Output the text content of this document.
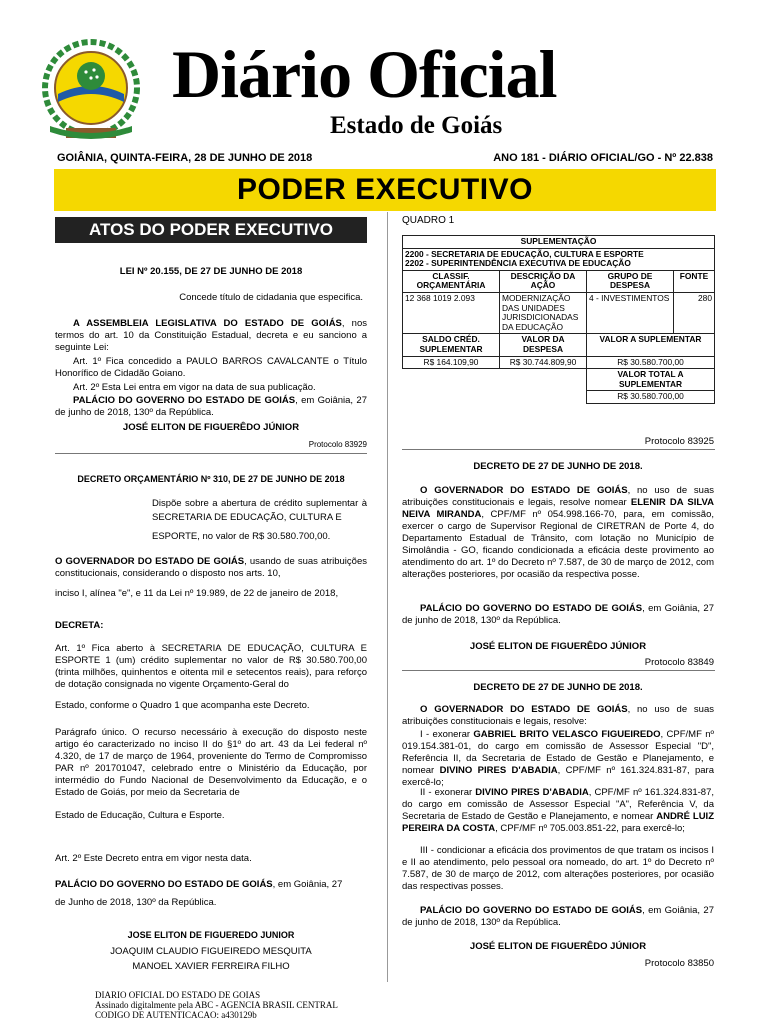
Diário Oficial
Estado de Goiás
GOIÂNIA, QUINTA-FEIRA, 28 DE JUNHO DE 2018	ANO 181 - DIÁRIO OFICIAL/GO - Nº 22.838
PODER EXECUTIVO
ATOS DO PODER EXECUTIVO
LEI Nº 20.155, DE 27 DE JUNHO DE 2018
Concede título de cidadania que especifica.
A ASSEMBLEIA LEGISLATIVA DO ESTADO DE GOIÁS, nos termos do art. 10 da Constituição Estadual, decreta e eu sanciono a seguinte Lei:
Art. 1º Fica concedido a PAULO BARROS CAVALCANTE o Título Honorífico de Cidadão Goiano.
Art. 2º Esta Lei entra em vigor na data de sua publicação.
PALÁCIO DO GOVERNO DO ESTADO DE GOIÁS, em Goiânia, 27 de junho de 2018, 130º da República.
JOSÉ ELITON DE FIGUERÊDO JÚNIOR
Protocolo 83929
DECRETO ORÇAMENTÁRIO Nº 310, DE 27 DE JUNHO DE 2018
Dispõe sobre a abertura de crédito suplementar à SECRETARIA DE EDUCAÇÃO, CULTURA E
ESPORTE, no valor de R$ 30.580.700,00.
O GOVERNADOR DO ESTADO DE GOIÁS, usando de suas atribuições constitucionais, considerando o disposto nos arts. 10,
inciso I, alínea "e", e 11 da Lei nº 19.989, de 22 de janeiro de 2018,
DECRETA:
Art. 1º Fica aberto à SECRETARIA DE EDUCAÇÃO, CULTURA E ESPORTE 1 (um) crédito suplementar no valor de R$ 30.580.700,00 (trinta milhões, quinhentos e oitenta mil e setecentos reais), para reforço de dotação consignada no vigente Orçamento-Geral do
Estado, conforme o Quadro 1 que acompanha este Decreto.
Parágrafo único. O recurso necessário à execução do disposto neste artigo éo caracterizado no inciso II do §1º do art. 43 da Lei federal nº 4.320, de 17 de março de 1964, proveniente do Termo de Compromisso PAR nº 201701047, celebrado entre o Ministério da Educação, por intermédio do Fundo Nacional de Desenvolvimento da Educação, e o Estado de Goiás, por meio da Secretaria de
Estado de Educação, Cultura e Esporte.
Art. 2º Este Decreto entra em vigor nesta data.
PALÁCIO DO GOVERNO DO ESTADO DE GOIÁS, em Goiânia, 27
de Junho de 2018, 130º da República.
JOSE ELITON DE FIGUEREDO JUNIOR
JOAQUIM CLAUDIO FIGUEIREDO MESQUITA
MANOEL XAVIER FERREIRA FILHO
QUADRO 1
SUPLEMENTAÇÃO			

2200 - SECRETARIA DE EDUCAÇÃO, CULTURA E ESPORTE
2202 - SUPERINTENDÊNCIA EXECUTIVA DE EDUCAÇÃO			

CLASSIF. ORÇAMENTÁRIA	DESCRIÇÃO DA AÇÃO	GRUPO DE DESPESA	FONTE
12 368 1019 2.093	MODERNIZAÇÃO DAS UNIDADES JURISDICIONADAS DA EDUCAÇÃO	4 - INVESTIMENTOS	280
SALDO CRÉD. SUPLEMENTAR	VALOR DA DESPESA	VALOR A SUPLEMENTAR	
R$ 164.109,90	R$ 30.744.809,90	R$ 30.580.700,00	
		VALOR TOTAL A SUPLEMENTAR	
		R$ 30.580.700,00	
Protocolo 83925
DECRETO DE 27 DE JUNHO DE 2018.
O GOVERNADOR DO ESTADO DE GOIÁS, no uso de suas atribuições constitucionais e legais, resolve nomear ELENIR DA SILVA NEIVA MIRANDA, CPF/MF nº 054.998.166-70, para, em comissão, exercer o cargo de Supervisor Regional de CIRETRAN de Porte 4, do Departamento Estadual de Trânsito, com lotação no Município de Simolândia - GO, ficando condicionada a eficácia deste provimento ao atendimento do art. 1º do Decreto nº 7.587, de 30 de março de 2012, com alterações posteriores, por ocasião da respectiva posse.
PALÁCIO DO GOVERNO DO ESTADO DE GOIÁS, em Goiânia, 27 de junho de 2018, 130º da República.
JOSÉ ELITON DE FIGUERÊDO JÚNIOR
Protocolo 83849
DECRETO DE 27 DE JUNHO DE 2018.
O GOVERNADOR DO ESTADO DE GOIÁS, no uso de suas atribuições constitucionais e legais, resolve:
I - exonerar GABRIEL BRITO VELASCO FIGUEIREDO, CPF/MF nº 019.154.381-01, do cargo em comissão de Assessor Especial "D", Referência II, da Secretaria de Estado de Gestão e Planejamento, e nomear DIVINO PIRES D'ABADIA, CPF/MF nº 161.324.831-87, para exercê-lo;
II - exonerar DIVINO PIRES D'ABADIA, CPF/MF nº 161.324.831-87, do cargo em comissão de Assessor Especial "A", Referência V, da Secretaria de Estado de Gestão e Planejamento, e nomear ANDRÉ LUIZ PEREIRA DA COSTA, CPF/MF nº 705.003.851-22, para exercê-lo;
III - condicionar a eficácia dos provimentos de que tratam os incisos I e II ao atendimento, pelo pessoal ora nomeado, do art. 1º do Decreto nº 7.587, de 30 de março de 2012, com alterações posteriores, por ocasião das respectivas posses.
PALÁCIO DO GOVERNO DO ESTADO DE GOIÁS, em Goiânia, 27 de junho de 2018, 130º da República.
JOSÉ ELITON DE FIGUERÊDO JÚNIOR
Protocolo 83850
DIARIO OFICIAL DO ESTADO DE GOIAS
Assinado digitalmente pela ABC - AGENCIA BRASIL CENTRAL
CODIGO DE AUTENTICACAO: a430129b
